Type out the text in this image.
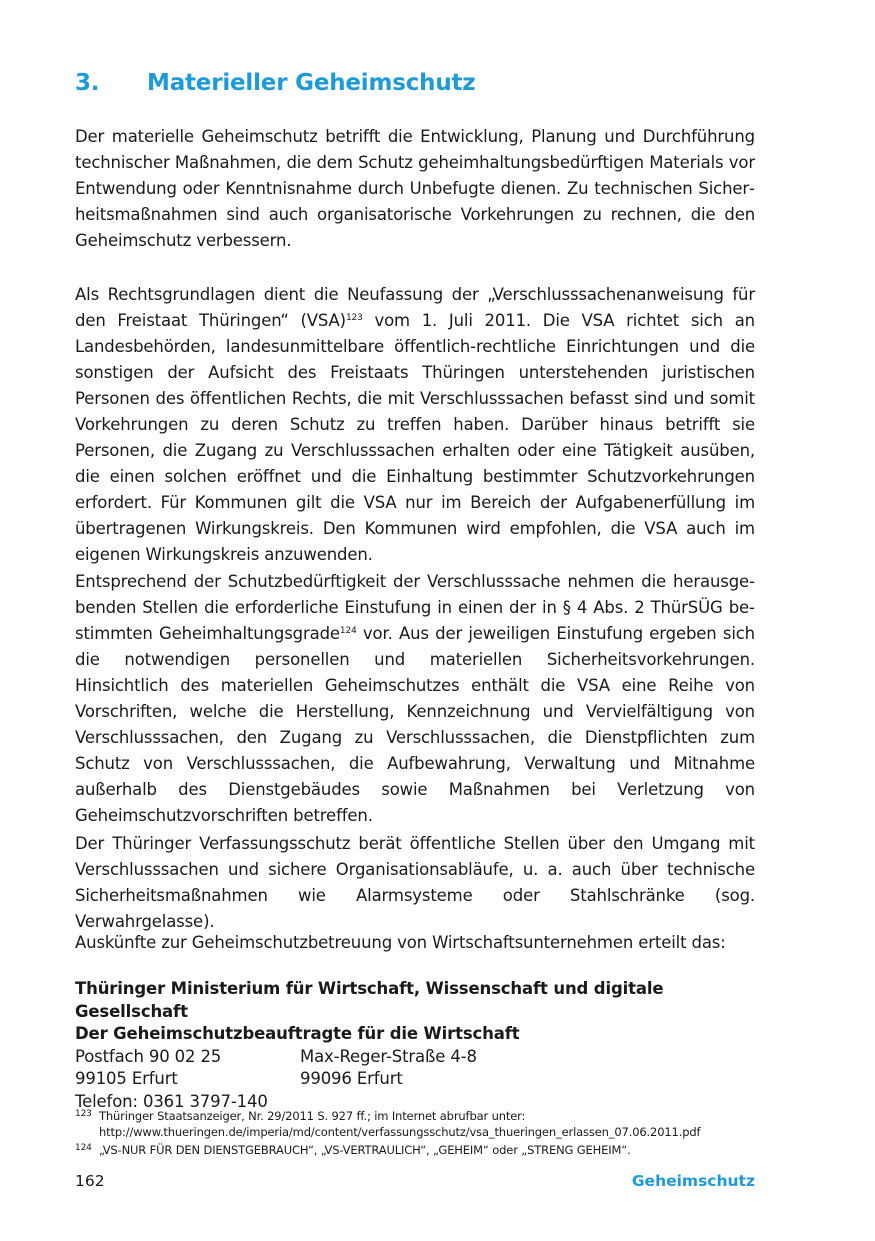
3. Materieller Geheimschutz
Der materielle Geheimschutz betrifft die Entwicklung, Planung und Durchführung technischer Maßnahmen, die dem Schutz geheimhaltungsbedürftigen Materials vor Entwendung oder Kenntnisnahme durch Unbefugte dienen. Zu technischen Sicherheitsmaßnahmen sind auch organisatorische Vorkehrungen zu rechnen, die den Geheimschutz verbessern.
Als Rechtsgrundlagen dient die Neufassung der „Verschlusssachenanweisung für den Freistaat Thüringen“ (VSA)$^{123}$ vom 1. Juli 2011. Die VSA richtet sich an Landesbehörden, landesunmittelbare öffentlich-rechtliche Einrichtungen und die sonstigen der Aufsicht des Freistaats Thüringen unterstehenden juristischen Personen des öffentlichen Rechts, die mit Verschlusssachen befasst sind und somit Vorkehrungen zu deren Schutz zu treffen haben. Darüber hinaus betrifft sie Personen, die Zugang zu Verschlusssachen erhalten oder eine Tätigkeit ausüben, die einen solchen eröffnet und die Einhaltung bestimmter Schutzvorkehrungen erfordert. Für Kommunen gilt die VSA nur im Bereich der Aufgabenerfüllung im übertragenen Wirkungskreis. Den Kommunen wird empfohlen, die VSA auch im eigenen Wirkungskreis anzuwenden.
Entsprechend der Schutzbedürftigkeit der Verschlusssache nehmen die herausgebenden Stellen die erforderliche Einstufung in einen der in § 4 Abs. 2 ThürSÜG bestimmten Geheimhaltungsgrade$^{124}$ vor. Aus der jeweiligen Einstufung ergeben sich die notwendigen personellen und materiellen Sicherheitsvorkehrungen. Hinsichtlich des materiellen Geheimschutzes enthält die VSA eine Reihe von Vorschriften, welche die Herstellung, Kennzeichnung und Vervielfältigung von Verschlusssachen, den Zugang zu Verschlusssachen, die Dienstpflichten zum Schutz von Verschlusssachen, die Aufbewahrung, Verwaltung und Mitnahme außerhalb des Dienstgebäudes sowie Maßnahmen bei Verletzung von Geheimschutzvorschriften betreffen.
Der Thüringer Verfassungsschutz berät öffentliche Stellen über den Umgang mit Verschlusssachen und sichere Organisationsabläufe, u. a. auch über technische Sicherheitsmaßnahmen wie Alarmsysteme oder Stahlschränke (sog. Verwahrgelasse).
Auskünfte zur Geheimschutzbetreuung von Wirtschaftsunternehmen erteilt das:
Thüringer Ministerium für Wirtschaft, Wissenschaft und digitale Gesellschaft
Der Geheimschutzbeauftragte für die Wirtschaft
Postfach 90 02 25	Max-Reger-Straße 4-8
99105 Erfurt	99096 Erfurt
Telefon: 0361 3797-140
123 Thüringer Staatsanzeiger, Nr. 29/2011 S. 927 ff.; im Internet abrufbar unter: http://www.thueringen.de/imperia/md/content/verfassungsschutz/vsa_thueringen_erlassen_07.06.2011.pdf
124 „VS-NUR FÜR DEN DIENSTGEBRAUCH“, „VS-VERTRAULICH“, „GEHEIM“ oder „STRENG GEHEIM“.
162	Geheimschutz
